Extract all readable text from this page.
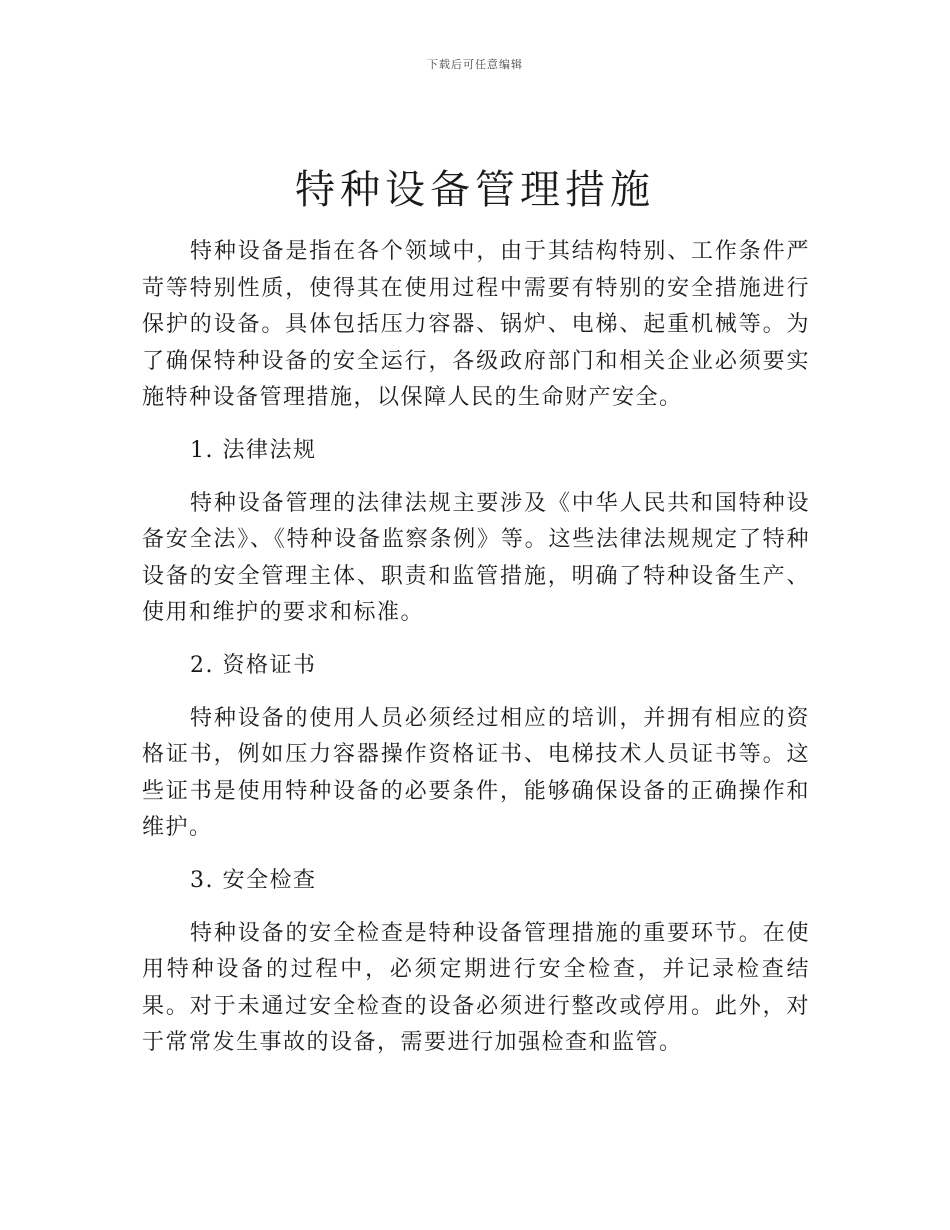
下载后可任意编辑
特种设备管理措施

特种设备是指在各个领域中，由于其结构特别、工作条件严苛等特别性质，使得其在使用过程中需要有特别的安全措施进行保护的设备。具体包括压力容器、锅炉、电梯、起重机械等。为了确保特种设备的安全运行，各级政府部门和相关企业必须要实施特种设备管理措施，以保障人民的生命财产安全。

1. 法律法规

特种设备管理的法律法规主要涉及《中华人民共和国特种设备安全法》、《特种设备监察条例》等。这些法律法规规定了特种设备的安全管理主体、职责和监管措施，明确了特种设备生产、使用和维护的要求和标准。

2. 资格证书

特种设备的使用人员必须经过相应的培训，并拥有相应的资格证书，例如压力容器操作资格证书、电梯技术人员证书等。这些证书是使用特种设备的必要条件，能够确保设备的正确操作和维护。

3. 安全检查

特种设备的安全检查是特种设备管理措施的重要环节。在使用特种设备的过程中，必须定期进行安全检查，并记录检查结果。对于未通过安全检查的设备必须进行整改或停用。此外，对于常常发生事故的设备，需要进行加强检查和监管。
